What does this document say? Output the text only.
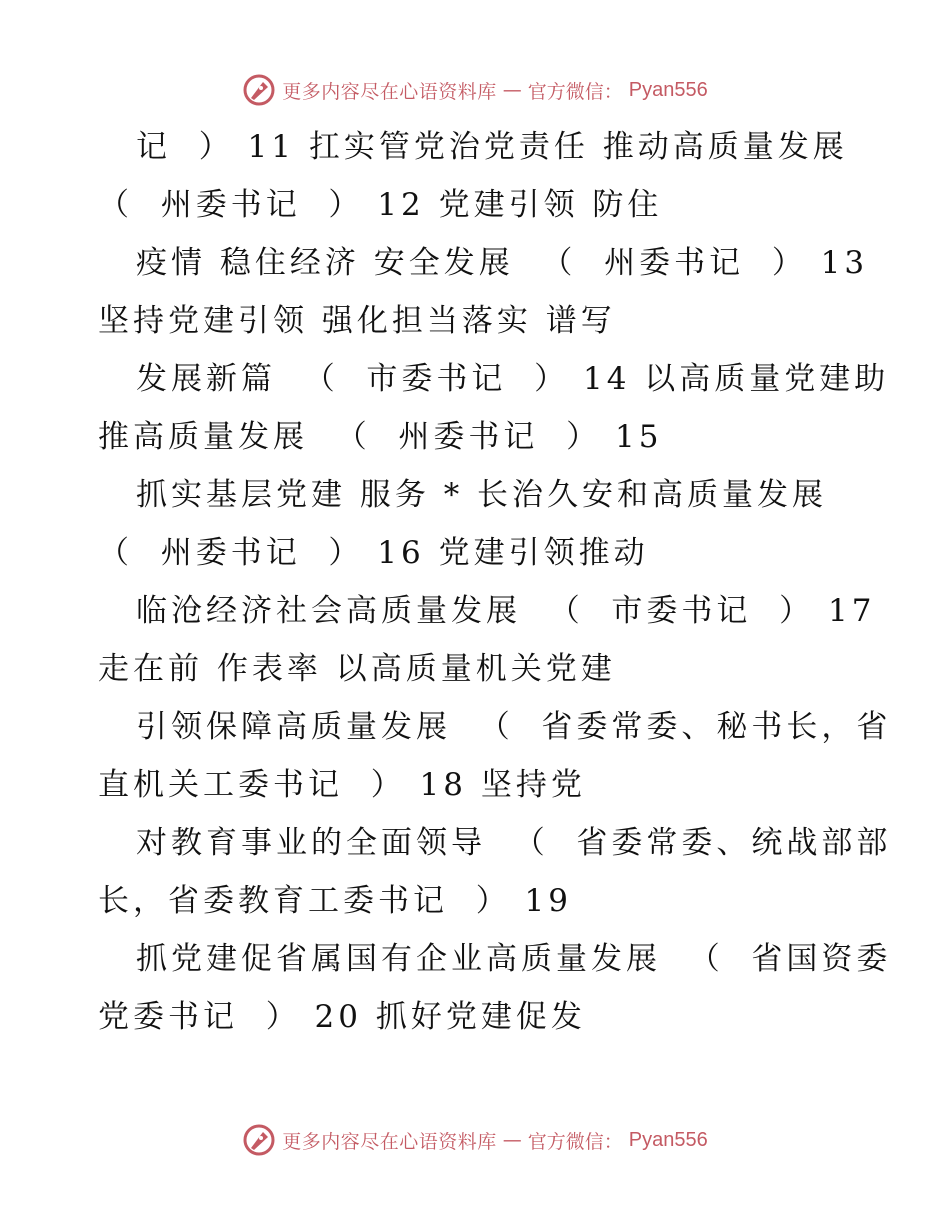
更多内容尽在心语资料库 — 官方微信： Pyan556
记  ） 11 扛实管党治党责任 推动高质量发展
（  州委书记  ） 12 党建引领 防住
疫情 稳住经济 安全发展  （  州委书记  ） 13
坚持党建引领 强化担当落实 谱写
发展新篇  （  市委书记  ） 14 以高质量党建助
推高质量发展  （  州委书记  ） 15
抓实基层党建 服务 * 长治久安和高质量发展
（  州委书记  ） 16 党建引领推动
临沧经济社会高质量发展  （  市委书记  ） 17
走在前 作表率 以高质量机关党建
引领保障高质量发展  （  省委常委、秘书长，省
直机关工委书记  ） 18 坚持党
对教育事业的全面领导  （  省委常委、统战部部
长，省委教育工委书记  ） 19
抓党建促省属国有企业高质量发展  （  省国资委
党委书记  ） 20 抓好党建促发
更多内容尽在心语资料库 — 官方微信： Pyan556
